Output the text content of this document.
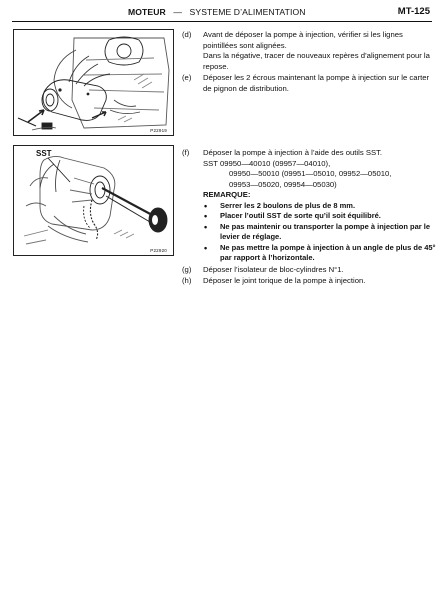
MOTEUR — SYSTEME D’ALIMENTATION	MT-125
P22919
SST
P22920
(d)	Avant de déposer la pompe à injection, vérifier si les lignes pointillées sont alignées.
Dans la négative, tracer de nouveaux repères d’alignement pour la repose.
(e)	Déposer les 2 écrous maintenant la pompe à injection sur le carter de pignon de distribution.
(f)	Déposer la pompe à injection à l’aide des outils SST.
SST 09950—40010 (09957—04010),
09950—50010 (09951—05010, 09952—05010,
09953—05020, 09954—05030)
REMARQUE:
• Serrer les 2 boulons de plus de 8 mm.
• Placer l’outil SST de sorte qu’il soit équilibré.
• Ne pas maintenir ou transporter la pompe à injection par le levier de réglage.
• Ne pas mettre la pompe à injection à un angle de plus de 45° par rapport à l’horizontale.
(g)	Déposer l’isolateur de bloc-cylindres N°1.
(h)	Déposer le joint torique de la pompe à injection.
